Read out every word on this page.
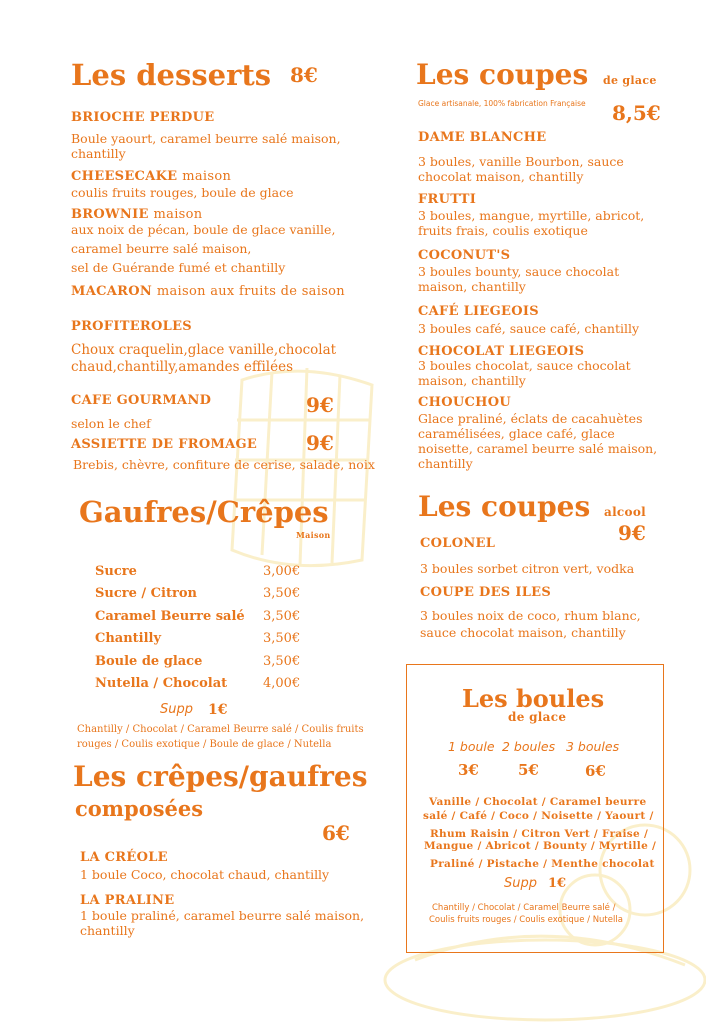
Les desserts 8€
BRIOCHE PERDUE
Boule yaourt, caramel beurre salé maison, chantilly
CHEESECAKE maison
coulis fruits rouges, boule de glace
BROWNIE maison
aux noix de pécan, boule de glace vanille,
caramel beurre salé maison,
sel de Guérande fumé et chantilly
MACARON maison aux fruits de saison
PROFITEROLES
Choux craquelin,glace vanille,chocolat chaud,chantilly,amandes effilées
CAFE GOURMAND	9€
selon le chef
ASSIETTE DE FROMAGE 9€
Brebis, chèvre, confiture de cerise, salade, noix
Gaufres/Crêpes
Maison
Sucre	3,00€
Sucre / Citron	3,50€
Caramel Beurre salé	3,50€
Chantilly	3,50€
Boule de glace	3,50€
Nutella / Chocolat	4,00€
Supp 1€
Chantilly / Chocolat / Caramel Beurre salé / Coulis fruits rouges / Coulis exotique / Boule de glace / Nutella
Les crêpes/gaufres
composées
6€
LA CRÉOLE
1 boule Coco, chocolat chaud, chantilly
LA PRALINE
1 boule praliné, caramel beurre salé maison, chantilly
Les coupes de glace
Glace artisanale, 100% fabrication Française 8,5€
DAME BLANCHE
3 boules, vanille Bourbon, sauce chocolat maison, chantilly
FRUTTI
3 boules, mangue, myrtille, abricot, fruits frais, coulis exotique
COCONUT'S
3 boules bounty, sauce chocolat maison, chantilly
CAFÉ LIEGEOIS
3 boules café, sauce café, chantilly
CHOCOLAT LIEGEOIS
3 boules chocolat, sauce chocolat maison, chantilly
CHOUCHOU
Glace praliné, éclats de cacahuètes caramélisées, glace café, glace noisette, caramel beurre salé maison, chantilly
Les coupes alcool
9€
COLONEL
3 boules sorbet citron vert, vodka
COUPE DES ILES
3 boules noix de coco, rhum blanc, sauce chocolat maison, chantilly
Les boules
de glace
1 boule 2 boules 3 boules
3€	5€	6€
Vanille / Chocolat / Caramel beurre
salé / Café / Coco / Noisette / Yaourt /
Rhum Raisin / Citron Vert / Fraise /
Mangue / Abricot / Bounty / Myrtille /
Praliné / Pistache / Menthe chocolat
Supp 1€
Chantilly / Chocolat / Caramel Beurre salé /
Coulis fruits rouges / Coulis exotique / Nutella
